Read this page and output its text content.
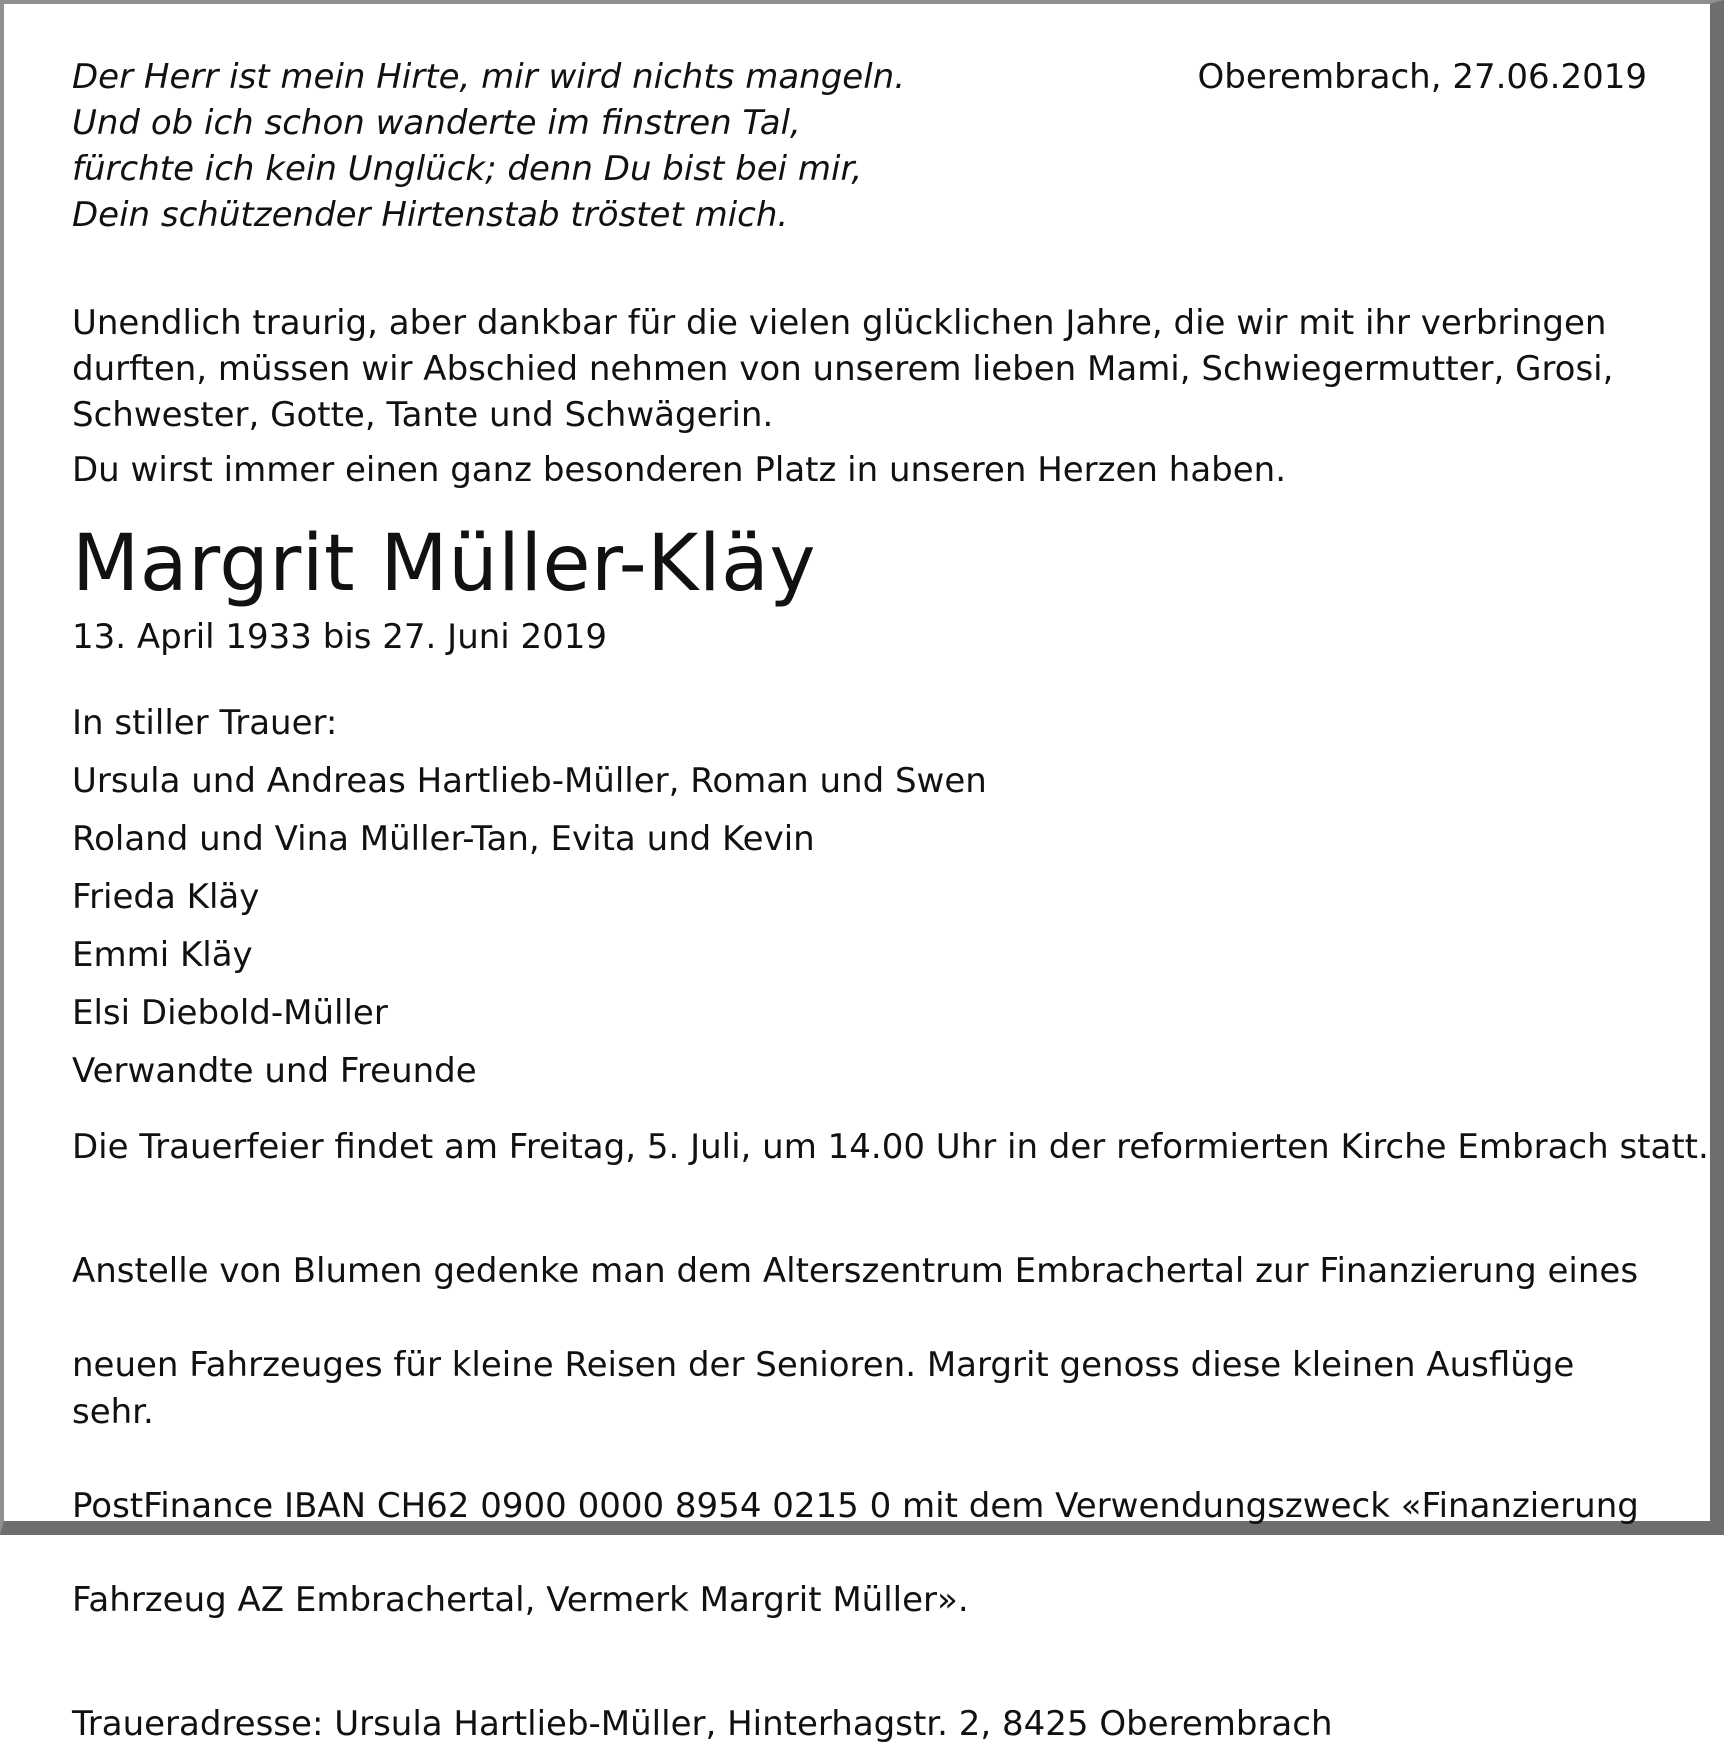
Der Herr ist mein Hirte, mir wird nichts mangeln.
Und ob ich schon wanderte im finstren Tal,
fürchte ich kein Unglück; denn Du bist bei mir,
Dein schützender Hirtenstab tröstet mich.
Oberembrach, 27.06.2019
Unendlich traurig, aber dankbar für die vielen glücklichen Jahre, die wir mit ihr verbringen
durften, müssen wir Abschied nehmen von unserem lieben Mami, Schwiegermutter, Grosi,
Schwester, Gotte, Tante und Schwägerin.
Du wirst immer einen ganz besonderen Platz in unseren Herzen haben.
Margrit Müller-Kläy
13. April 1933 bis 27. Juni 2019
In stiller Trauer:
Ursula und Andreas Hartlieb-Müller, Roman und Swen
Roland und Vina Müller-Tan, Evita und Kevin
Frieda Kläy
Emmi Kläy
Elsi Diebold-Müller
Verwandte und Freunde
Die Trauerfeier findet am Freitag, 5. Juli, um 14.00 Uhr in der reformierten Kirche Embrach statt.

Anstelle von Blumen gedenke man dem Alterszentrum Embrachertal zur Finanzierung eines

neuen Fahrzeuges für kleine Reisen der Senioren. Margrit genoss diese kleinen Ausflüge sehr.

PostFinance IBAN CH62 0900 0000 8954 0215 0 mit dem Verwendungszweck «Finanzierung

Fahrzeug AZ Embrachertal, Vermerk Margrit Müller».

Traueradresse: Ursula Hartlieb-Müller, Hinterhagstr. 2, 8425 Oberembrach
